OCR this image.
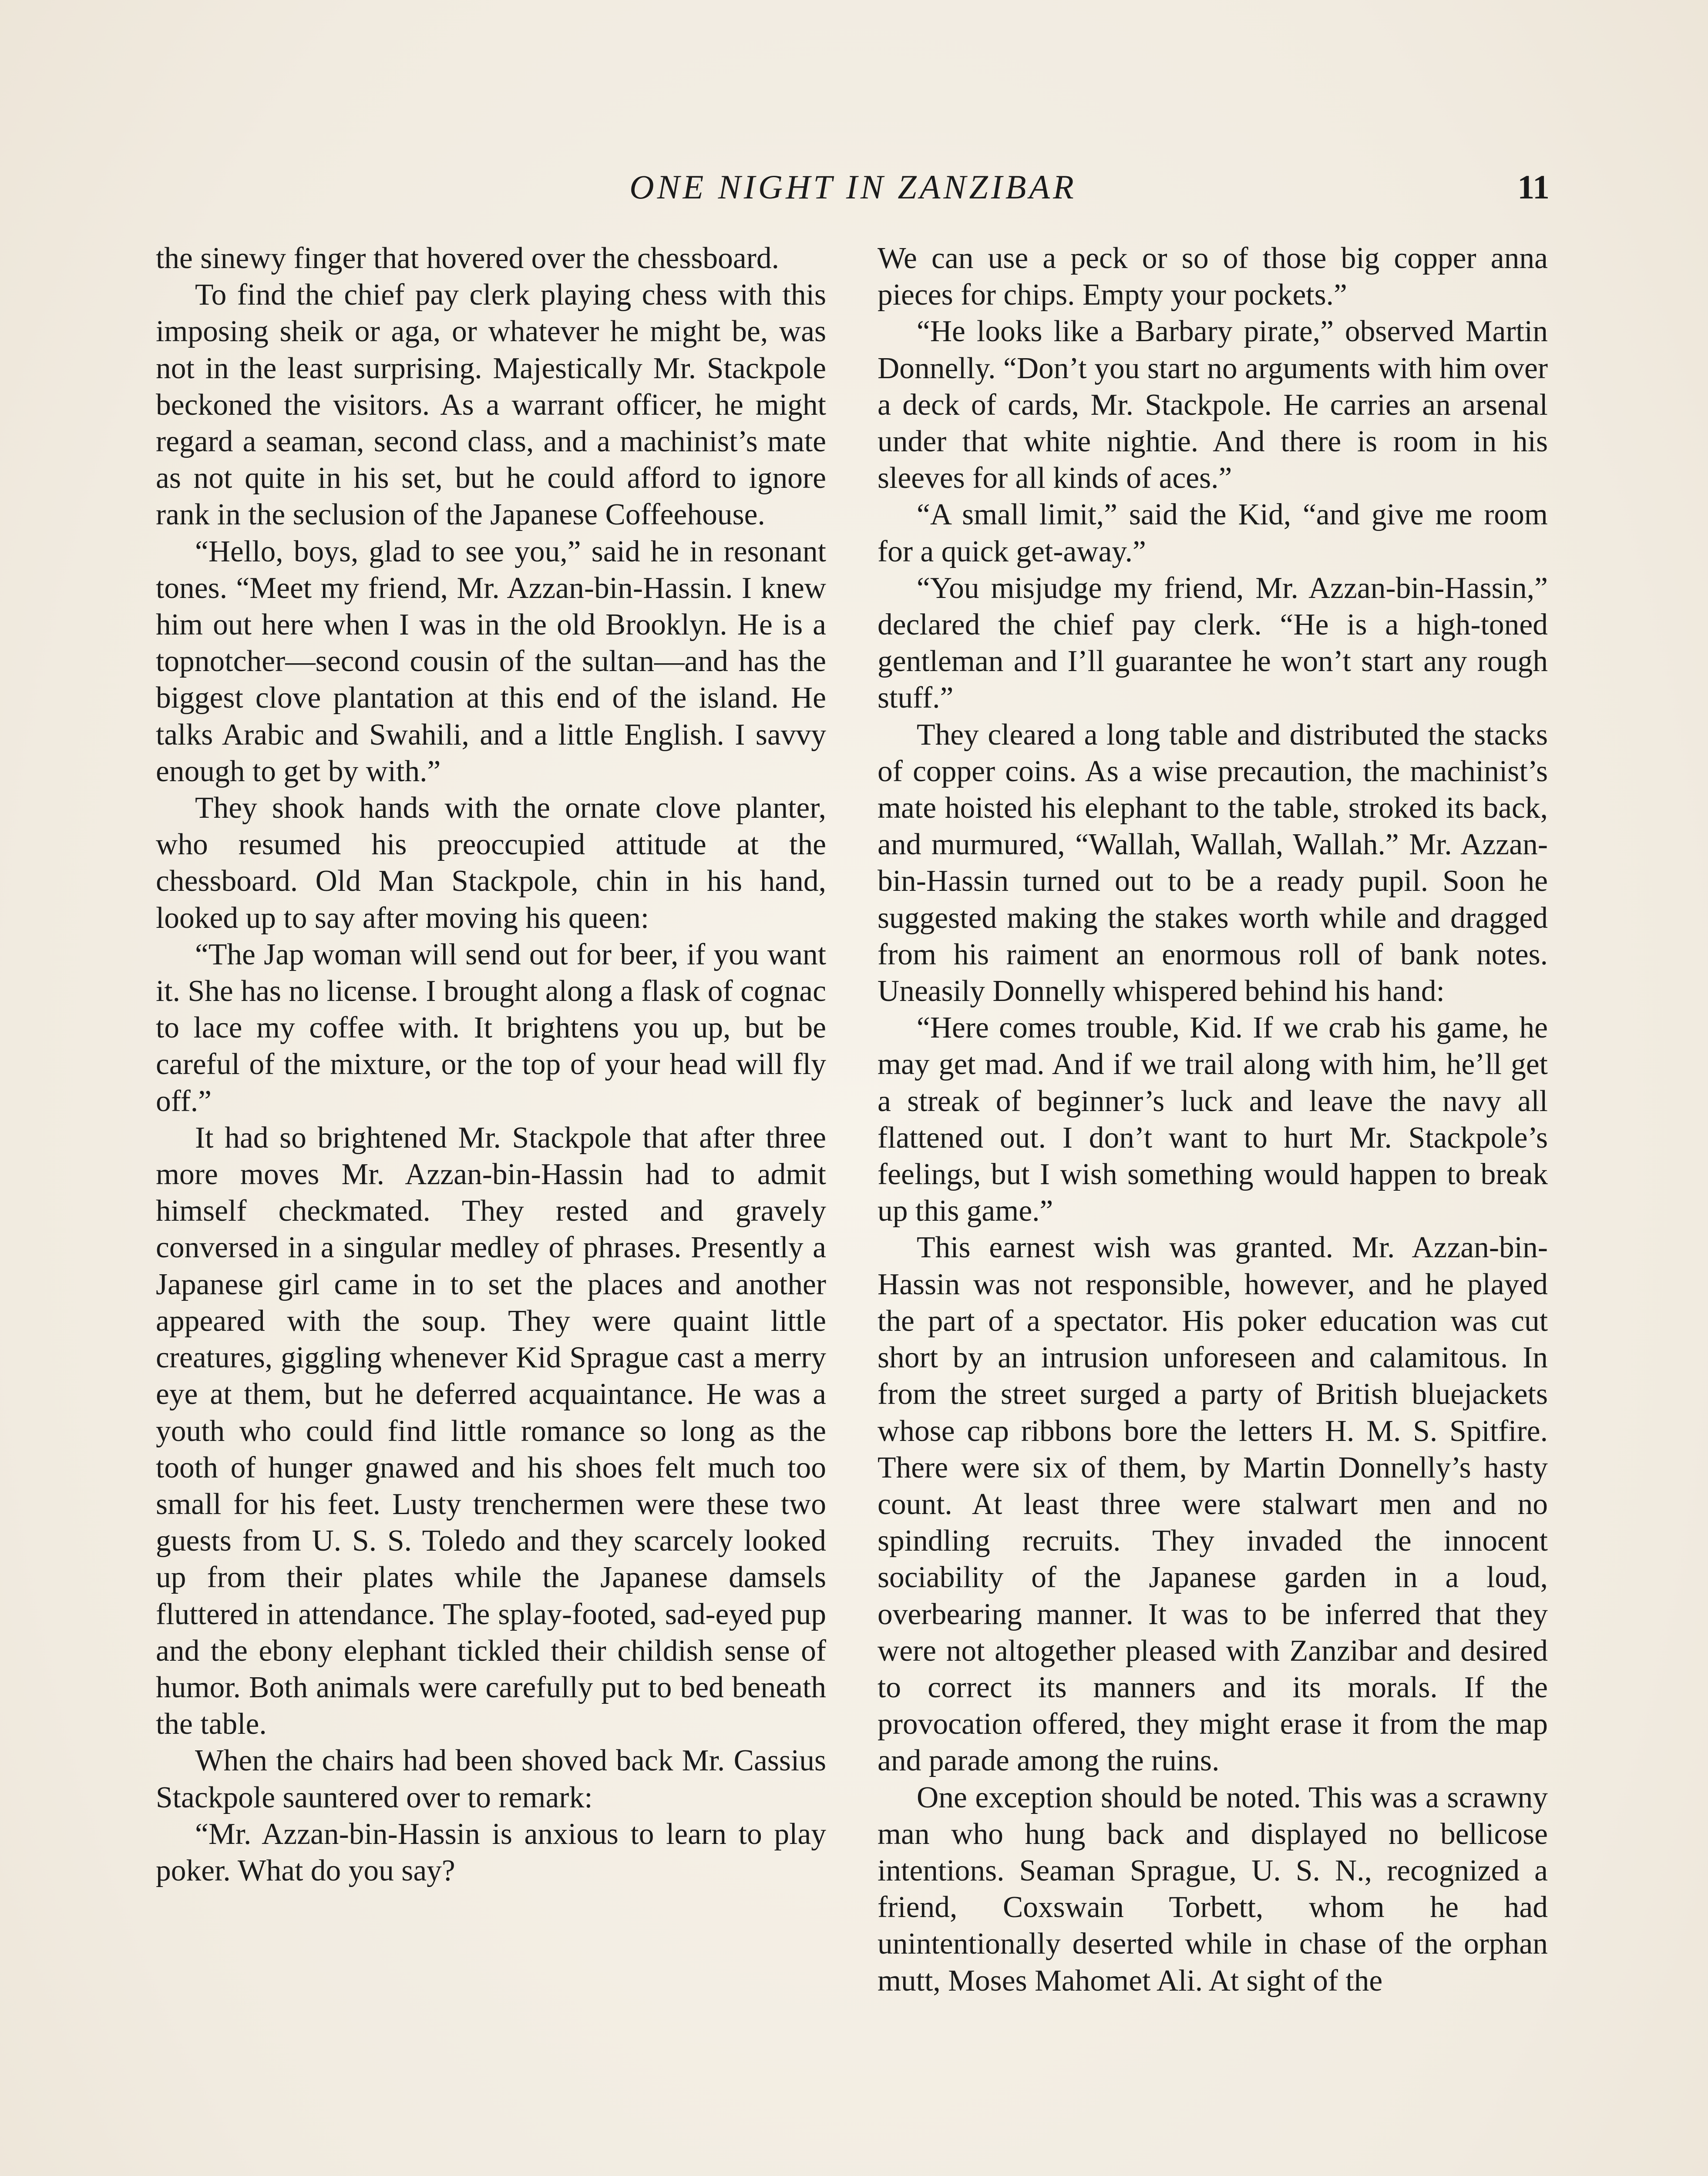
ONE NIGHT IN ZANZIBAR	11

the sinewy finger that hovered over the chessboard.

To find the chief pay clerk playing chess with this imposing sheik or aga, or whatever he might be, was not in the least surprising. Majestically Mr. Stackpole beckoned the visitors. As a warrant officer, he might regard a seaman, second class, and a machinist’s mate as not quite in his set, but he could afford to ignore rank in the seclusion of the Japanese Coffeehouse.

“Hello, boys, glad to see you,” said he in resonant tones. “Meet my friend, Mr. Azzan-bin-Hassin. I knew him out here when I was in the old Brooklyn. He is a topnotcher—second cousin of the sultan—and has the biggest clove plantation at this end of the island. He talks Arabic and Swahili, and a little English. I savvy enough to get by with.”

They shook hands with the ornate clove planter, who resumed his preoccupied attitude at the chessboard. Old Man Stackpole, chin in his hand, looked up to say after moving his queen:

“The Jap woman will send out for beer, if you want it. She has no license. I brought along a flask of cognac to lace my coffee with. It brightens you up, but be careful of the mixture, or the top of your head will fly off.”

It had so brightened Mr. Stackpole that after three more moves Mr. Azzan-bin-Hassin had to admit himself checkmated. They rested and gravely conversed in a singular medley of phrases. Presently a Japanese girl came in to set the places and another appeared with the soup. They were quaint little creatures, giggling whenever Kid Sprague cast a merry eye at them, but he deferred acquaintance. He was a youth who could find little romance so long as the tooth of hunger gnawed and his shoes felt much too small for his feet. Lusty trenchermen were these two guests from U. S. S. Toledo and they scarcely looked up from their plates while the Japanese damsels fluttered in attendance. The splay-footed, sad-eyed pup and the ebony elephant tickled their childish sense of humor. Both animals were carefully put to bed beneath the table.

When the chairs had been shoved back Mr. Cassius Stackpole sauntered over to remark:

“Mr. Azzan-bin-Hassin is anxious to learn to play poker. What do you say?

We can use a peck or so of those big copper anna pieces for chips. Empty your pockets.”

“He looks like a Barbary pirate,” observed Martin Donnelly. “Don’t you start no arguments with him over a deck of cards, Mr. Stackpole. He carries an arsenal under that white nightie. And there is room in his sleeves for all kinds of aces.”

“A small limit,” said the Kid, “and give me room for a quick get-away.”

“You misjudge my friend, Mr. Azzan-bin-Hassin,” declared the chief pay clerk. “He is a high-toned gentleman and I’ll guarantee he won’t start any rough stuff.”

They cleared a long table and distributed the stacks of copper coins. As a wise precaution, the machinist’s mate hoisted his elephant to the table, stroked its back, and murmured, “Wallah, Wallah, Wallah.” Mr. Azzan-bin-Hassin turned out to be a ready pupil. Soon he suggested making the stakes worth while and dragged from his raiment an enormous roll of bank notes. Uneasily Donnelly whispered behind his hand:

“Here comes trouble, Kid. If we crab his game, he may get mad. And if we trail along with him, he’ll get a streak of beginner’s luck and leave the navy all flattened out. I don’t want to hurt Mr. Stackpole’s feelings, but I wish something would happen to break up this game.”

This earnest wish was granted. Mr. Azzan-bin-Hassin was not responsible, however, and he played the part of a spectator. His poker education was cut short by an intrusion unforeseen and calamitous. In from the street surged a party of British bluejackets whose cap ribbons bore the letters H. M. S. Spitfire. There were six of them, by Martin Donnelly’s hasty count. At least three were stalwart men and no spindling recruits. They invaded the innocent sociability of the Japanese garden in a loud, overbearing manner. It was to be inferred that they were not altogether pleased with Zanzibar and desired to correct its manners and its morals. If the provocation offered, they might erase it from the map and parade among the ruins.

One exception should be noted. This was a scrawny man who hung back and displayed no bellicose intentions. Seaman Sprague, U. S. N., recognized a friend, Coxswain Torbett, whom he had unintentionally deserted while in chase of the orphan mutt, Moses Mahomet Ali. At sight of the
